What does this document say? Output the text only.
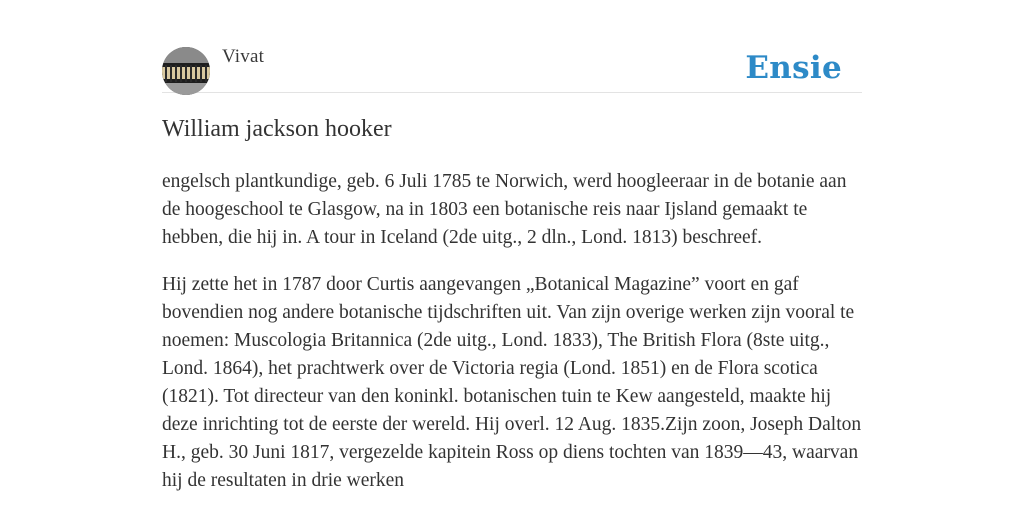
Vivat	Ensie
William jackson hooker

engelsch plantkundige, geb. 6 Juli 1785 te Norwich, werd hoogleeraar in de botanie aan de hoogeschool te Glasgow, na in 1803 een botanische reis naar Ijsland gemaakt te hebben, die hij in. A tour in Iceland (2de uitg., 2 dln., Lond. 1813) beschreef.

Hij zette het in 1787 door Curtis aangevangen „Botanical Magazine” voort en gaf bovendien nog andere botanische tijdschriften uit. Van zijn overige werken zijn vooral te noemen: Muscologia Britannica (2de uitg., Lond. 1833), The British Flora (8ste uitg., Lond. 1864), het prachtwerk over de Victoria regia (Lond. 1851) en de Flora scotica (1821). Tot directeur van den koninkl. botanischen tuin te Kew aangesteld, maakte hij deze inrichting tot de eerste der wereld. Hij overl. 12 Aug. 1835.Zijn zoon, Joseph Dalton H., geb. 30 Juni 1817, vergezelde kapitein Ross op diens tochten van 1839—43, waarvan hij de resultaten in drie werken
